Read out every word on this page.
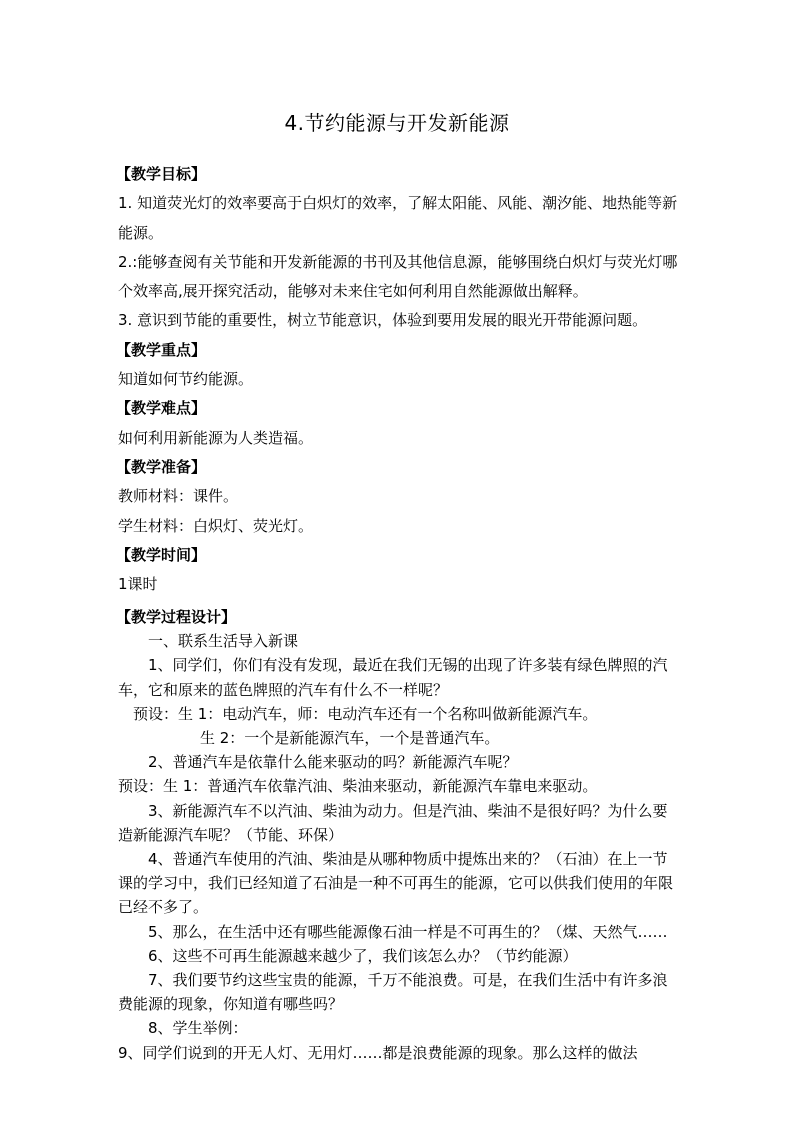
4.节约能源与开发新能源
【教学目标】
1. 知道荧光灯的效率要高于白炽灯的效率，了解太阳能、风能、潮汐能、地热能等新能源。
2.:能够查阅有关节能和开发新能源的书刊及其他信息源，能够围绕白炽灯与荧光灯哪个效率高,展开探究活动，能够对未来住宅如何利用自然能源做出解释。
3. 意识到节能的重要性，树立节能意识，体验到要用发展的眼光开带能源问题。
【教学重点】
知道如何节约能源。
【教学难点】
如何利用新能源为人类造福。
【教学准备】
教师材料：课件。
学生材料：白炽灯、荧光灯。
【教学时间】
1课时
【教学过程设计】
一、联系生活导入新课
1、同学们，你们有没有发现，最近在我们无锡的出现了许多装有绿色牌照的汽车，它和原来的蓝色牌照的汽车有什么不一样呢？
预设：生 1：电动汽车，师：电动汽车还有一个名称叫做新能源汽车。
生 2：一个是新能源汽车，一个是普通汽车。
2、普通汽车是依靠什么能来驱动的吗？新能源汽车呢？
预设：生 1：普通汽车依靠汽油、柴油来驱动，新能源汽车靠电来驱动。
3、新能源汽车不以汽油、柴油为动力。但是汽油、柴油不是很好吗？为什么要造新能源汽车呢？（节能、环保）
4、普通汽车使用的汽油、柴油是从哪种物质中提炼出来的？（石油）在上一节课的学习中，我们已经知道了石油是一种不可再生的能源，它可以供我们使用的年限已经不多了。
5、那么，在生活中还有哪些能源像石油一样是不可再生的？（煤、天然气……
6、这些不可再生能源越来越少了，我们该怎么办？（节约能源）
7、我们要节约这些宝贵的能源，千万不能浪费。可是，在我们生活中有许多浪费能源的现象，你知道有哪些吗？
8、学生举例：
9、同学们说到的开无人灯、无用灯……都是浪费能源的现象。那么这样的做法
